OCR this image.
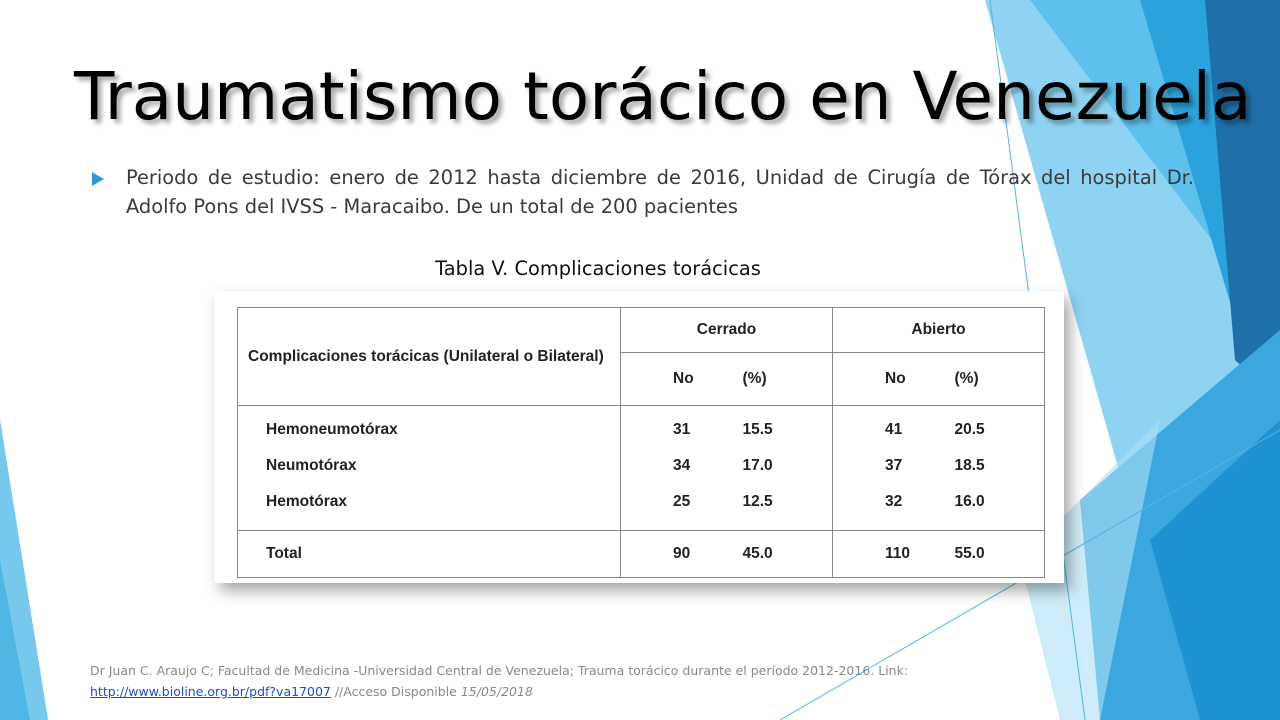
Traumatismo torácico en Venezuela

Periodo de estudio: enero de 2012 hasta diciembre de 2016, Unidad de Cirugía de Tórax del hospital Dr. Adolfo Pons del IVSS - Maracaibo. De un total de 200 pacientes

Tabla V. Complicaciones torácicas
Complicaciones torácicas (Unilateral o Bilateral)	Cerrado	Abierto

	No (%)	No (%)

Hemoneumotórax	31 15.5	41 20.5

Neumotórax	34 17.0	37 18.5

Hemotórax	25 12.5	32 16.0

Total	90 45.0	110 55.0
Dr Juan C. Araujo C; Facultad de Medicina -Universidad Central de Venezuela; Trauma torácico durante el período 2012-2016. Link:
http://www.bioline.org.br/pdf?va17007 //Acceso Disponible 15/05/2018
